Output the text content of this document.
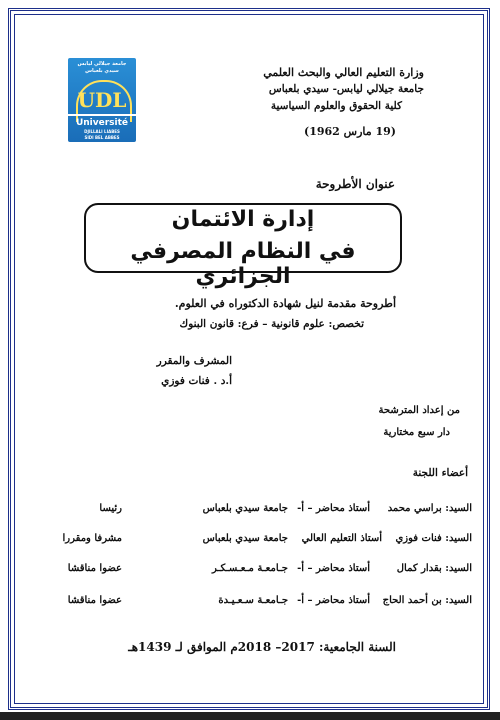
جامعة جيلالي ليابس
سيدي بلعباس
UDL
Université
DJILLALI LIABES
SIDI BEL ABBES
وزارة التعليم العالي والبحث العلمي
جامعة جيلالي ليابس- سيدي بلعباس
كلية الحقوق والعلوم السياسية
(19 مارس 1962)
عنوان الأطروحة
إدارة الائتمان
في النظام المصرفي الجزائري
أطروحة مقدمة لنيل شهادة الدكتوراه في العلوم.
تخصص: علوم قانونية – فرع: قانون البنوك
المشرف والمقرر
أ.د . فنات فوزي
من إعداد المترشحة
دار سبع مختارية
أعضاء اللجنة
السيد: براسي محمد
أستاذ محاضر – أ-
جامعة سيدي بلعباس
رئيسا
السيد: فنات فوزي
أستاذ التعليم العالي
جامعة سيدي بلعباس
مشرفا ومقررا
السيد: بقدار كمال
أستاذ محاضر – أ-
جـامعـة مـعـسـكـر
عضوا مناقشا
السيد: بن أحمد الحاج
أستاذ محاضر – أ-
جـامعـة سـعـيـدة
عضوا مناقشا
السنة الجامعية: 2017– 2018م الموافق لـ 1439هـ
